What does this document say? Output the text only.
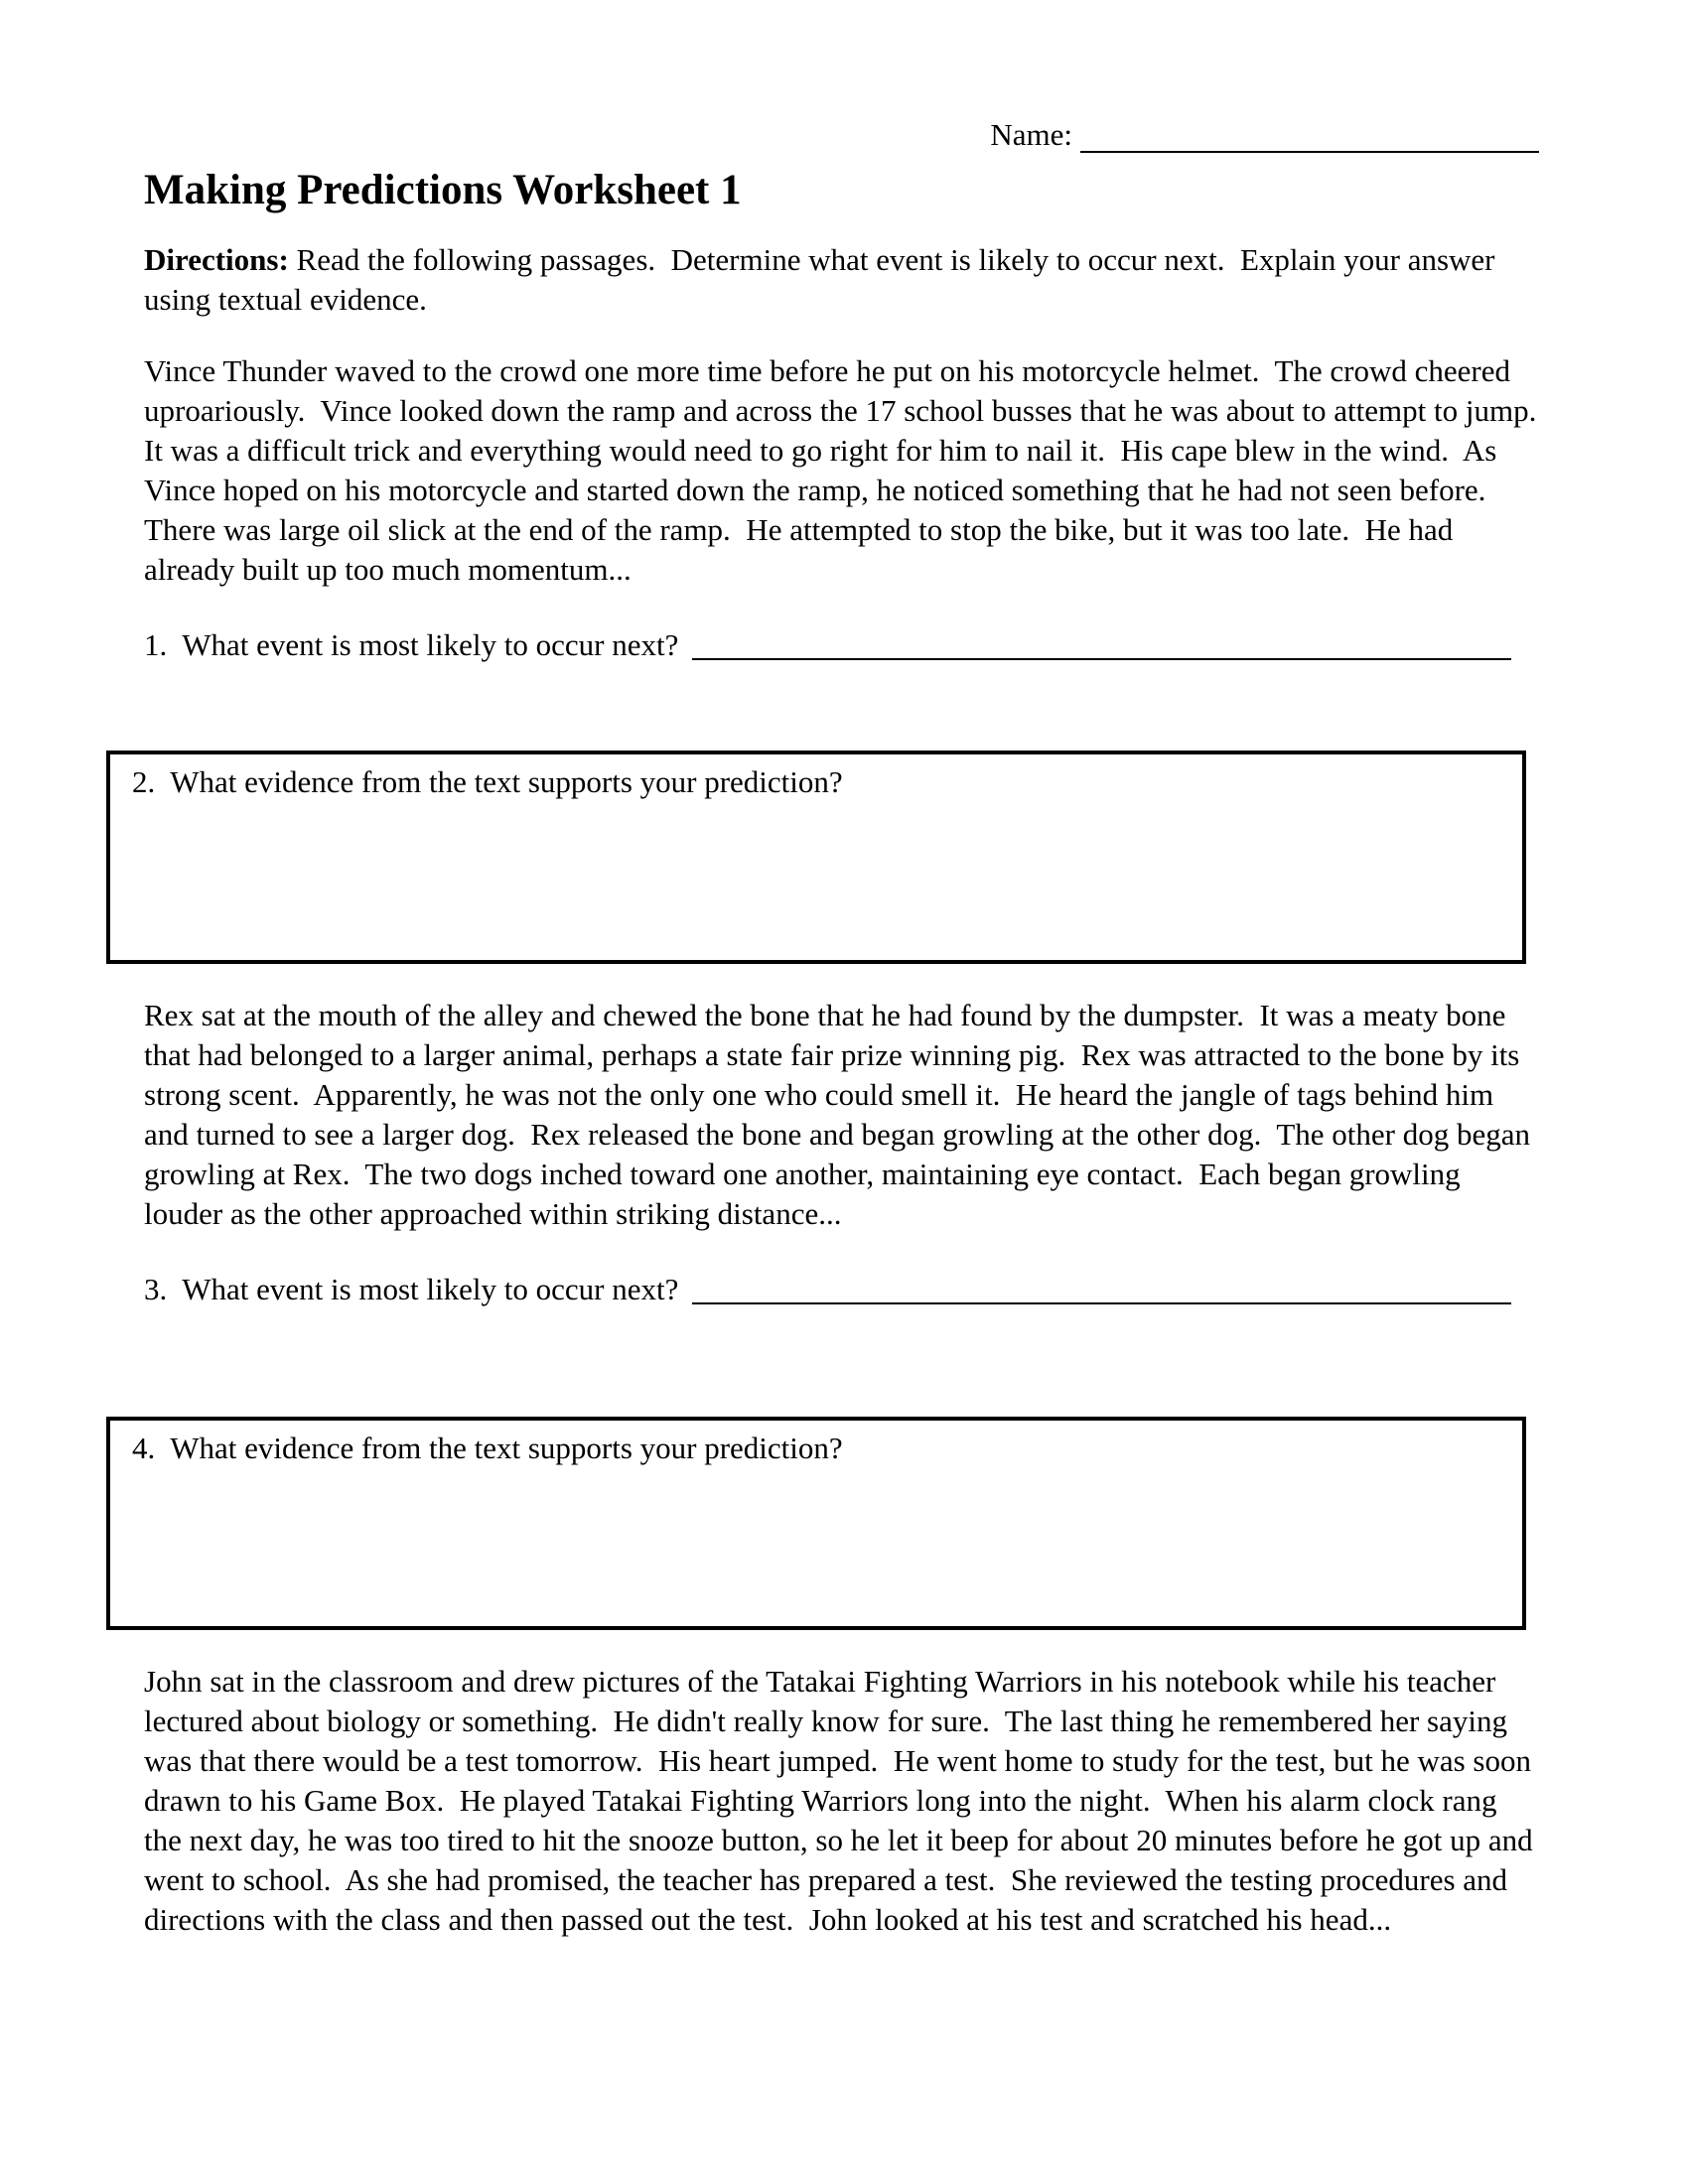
Name:
Making Predictions Worksheet 1

Directions: Read the following passages.  Determine what event is likely to occur next.  Explain your answer using textual evidence.

Vince Thunder waved to the crowd one more time before he put on his motorcycle helmet.  The crowd cheered uproariously.  Vince looked down the ramp and across the 17 school busses that he was about to attempt to jump.  It was a difficult trick and everything would need to go right for him to nail it.  His cape blew in the wind.  As Vince hoped on his motorcycle and started down the ramp, he noticed something that he had not seen before.  There was large oil slick at the end of the ramp.  He attempted to stop the bike, but it was too late.  He had already built up too much momentum...

1.  What event is most likely to occur next?
2.  What evidence from the text supports your prediction?

Rex sat at the mouth of the alley and chewed the bone that he had found by the dumpster.  It was a meaty bone that had belonged to a larger animal, perhaps a state fair prize winning pig.  Rex was attracted to the bone by its strong scent.  Apparently, he was not the only one who could smell it.  He heard the jangle of tags behind him and turned to see a larger dog.  Rex released the bone and began growling at the other dog.  The other dog began growling at Rex.  The two dogs inched toward one another, maintaining eye contact.  Each began growling louder as the other approached within striking distance...

3.  What event is most likely to occur next?
4.  What evidence from the text supports your prediction?

John sat in the classroom and drew pictures of the Tatakai Fighting Warriors in his notebook while his teacher lectured about biology or something.  He didn't really know for sure.  The last thing he remembered her saying was that there would be a test tomorrow.  His heart jumped.  He went home to study for the test, but he was soon drawn to his Game Box.  He played Tatakai Fighting Warriors long into the night.  When his alarm clock rang the next day, he was too tired to hit the snooze button, so he let it beep for about 20 minutes before he got up and went to school.  As she had promised, the teacher has prepared a test.  She reviewed the testing procedures and directions with the class and then passed out the test.  John looked at his test and scratched his head...
